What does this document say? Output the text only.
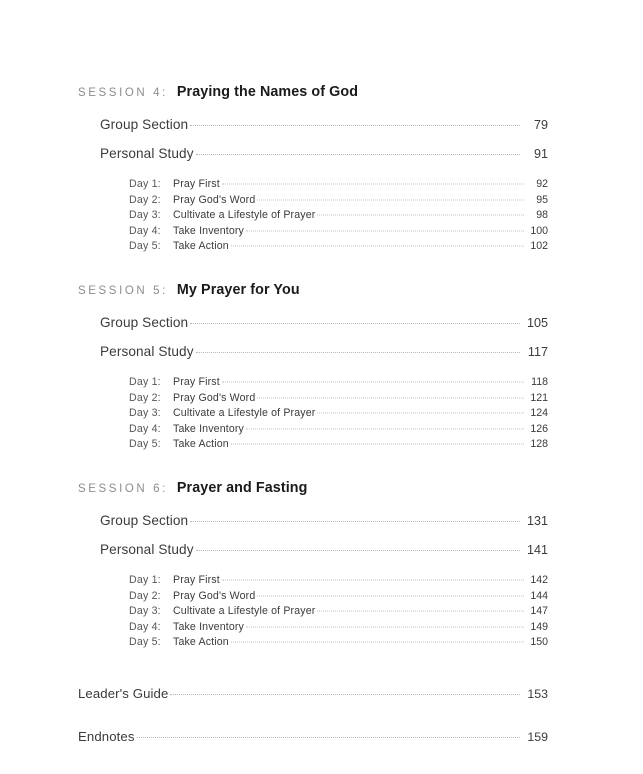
SESSION 4: Praying the Names of God
Group Section	79
Personal Study	91
Day 1:	Pray First	92
Day 2:	Pray God's Word	95
Day 3:	Cultivate a Lifestyle of Prayer	98
Day 4:	Take Inventory	100
Day 5:	Take Action	102
SESSION 5: My Prayer for You
Group Section	105
Personal Study	117
Day 1:	Pray First	118
Day 2:	Pray God's Word	121
Day 3:	Cultivate a Lifestyle of Prayer	124
Day 4:	Take Inventory	126
Day 5:	Take Action	128
SESSION 6: Prayer and Fasting
Group Section	131
Personal Study	141
Day 1:	Pray First	142
Day 2:	Pray God's Word	144
Day 3:	Cultivate a Lifestyle of Prayer	147
Day 4:	Take Inventory	149
Day 5:	Take Action	150
Leader's Guide	153
Endnotes	159
